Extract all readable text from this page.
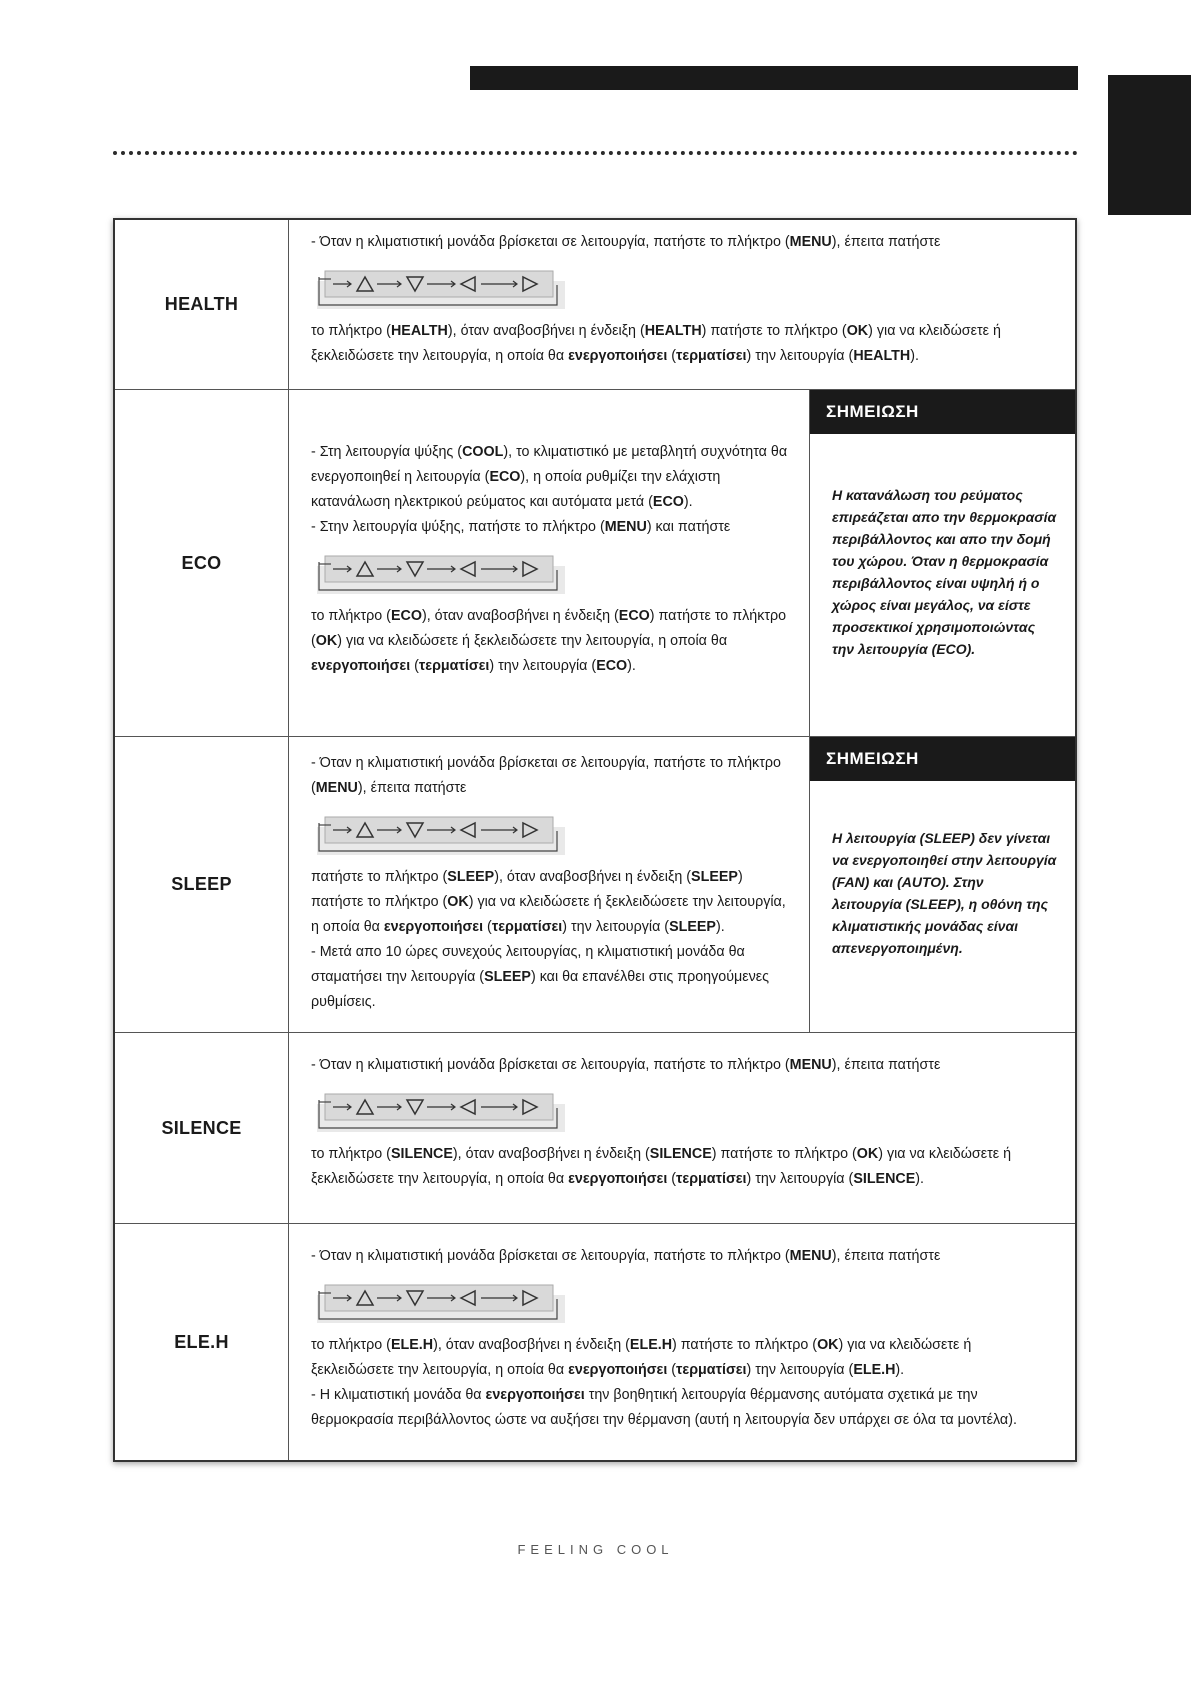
HEALTH

- Όταν η κλιματιστική μονάδα βρίσκεται σε λειτουργία, πατήστε το πλήκτρο (MENU), έπειτα πατήστε

το πλήκτρο (HEALTH), όταν αναβοσβήνει η ένδειξη (HEALTH) πατήστε το πλήκτρο (OK) για να κλειδώσετε ή ξεκλειδώσετε την λειτουργία, η οποία θα ενεργοποιήσει (τερματίσει) την λειτουργία (HEALTH).

ECO

- Στη λειτουργία ψύξης (COOL), το κλιματιστικό με μεταβλητή συχνότητα θα ενεργοποιηθεί η λειτουργία (ECO), η οποία ρυθμίζει την ελάχιστη κατανάλωση ηλεκτρικού ρεύματος και αυτόματα μετά (ECO).

- Στην λειτουργία ψύξης, πατήστε το πλήκτρο (MENU) και πατήστε

το πλήκτρο (ECO), όταν αναβοσβήνει η ένδειξη (ECO) πατήστε το πλήκτρο (OK) για να κλειδώσετε ή ξεκλειδώσετε την λειτουργία, η οποία θα ενεργοποιήσει (τερματίσει) την λειτουργία (ECO).

ΣΗΜΕΙΩΣΗ
Η κατανάλωση του ρεύματος επιρεάζεται απο την θερμοκρασία περιβάλλοντος και απο την δομή του χώρου. Όταν η θερμοκρασία περιβάλλοντος είναι υψηλή ή ο χώρος είναι μεγάλος, να είστε προσεκτικοί χρησιμοποιώντας την λειτουργία (ECO).
SLEEP

- Όταν η κλιματιστική μονάδα βρίσκεται σε λειτουργία, πατήστε το πλήκτρο (MENU), έπειτα πατήστε

πατήστε το πλήκτρο (SLEEP), όταν αναβοσβήνει η ένδειξη (SLEEP) πατήστε το πλήκτρο (OK) για να κλειδώσετε ή ξεκλειδώσετε την λειτουργία, η οποία θα ενεργοποιήσει (τερματίσει) την λειτουργία (SLEEP).

- Μετά απο 10 ώρες συνεχούς λειτουργίας, η κλιματιστική μονάδα θα σταματήσει την λειτουργία (SLEEP) και θα επανέλθει στις προηγούμενες ρυθμίσεις.

ΣΗΜΕΙΩΣΗ
Η λειτουργία (SLEEP) δεν γίνεται να ενεργοποιηθεί στην λειτουργία (FAN) και (AUTO). Στην λειτουργία (SLEEP), η οθόνη της κλιματιστικής μονάδας είναι απενεργοποιημένη.
SILENCE

- Όταν η κλιματιστική μονάδα βρίσκεται σε λειτουργία, πατήστε το πλήκτρο (MENU), έπειτα πατήστε

το πλήκτρο (SILENCE), όταν αναβοσβήνει η ένδειξη (SILENCE) πατήστε το πλήκτρο (OK) για να κλειδώσετε ή ξεκλειδώσετε την λειτουργία, η οποία θα ενεργοποιήσει (τερματίσει) την λειτουργία (SILENCE).

ELE.H

- Όταν η κλιματιστική μονάδα βρίσκεται σε λειτουργία, πατήστε το πλήκτρο (MENU), έπειτα πατήστε

το πλήκτρο (ELE.H), όταν αναβοσβήνει η ένδειξη (ELE.H) πατήστε το πλήκτρο (OK) για να κλειδώσετε ή ξεκλειδώσετε την λειτουργία, η οποία θα ενεργοποιήσει (τερματίσει) την λειτουργία (ELE.H).

- Η κλιματιστική μονάδα θα ενεργοποιήσει την βοηθητική λειτουργία θέρμανσης αυτόματα σχετικά με την θερμοκρασία περιβάλλοντος ώστε να αυξήσει την θέρμανση (αυτή η λειτουργία δεν υπάρχει σε όλα τα μοντέλα).

FEELING COOL
